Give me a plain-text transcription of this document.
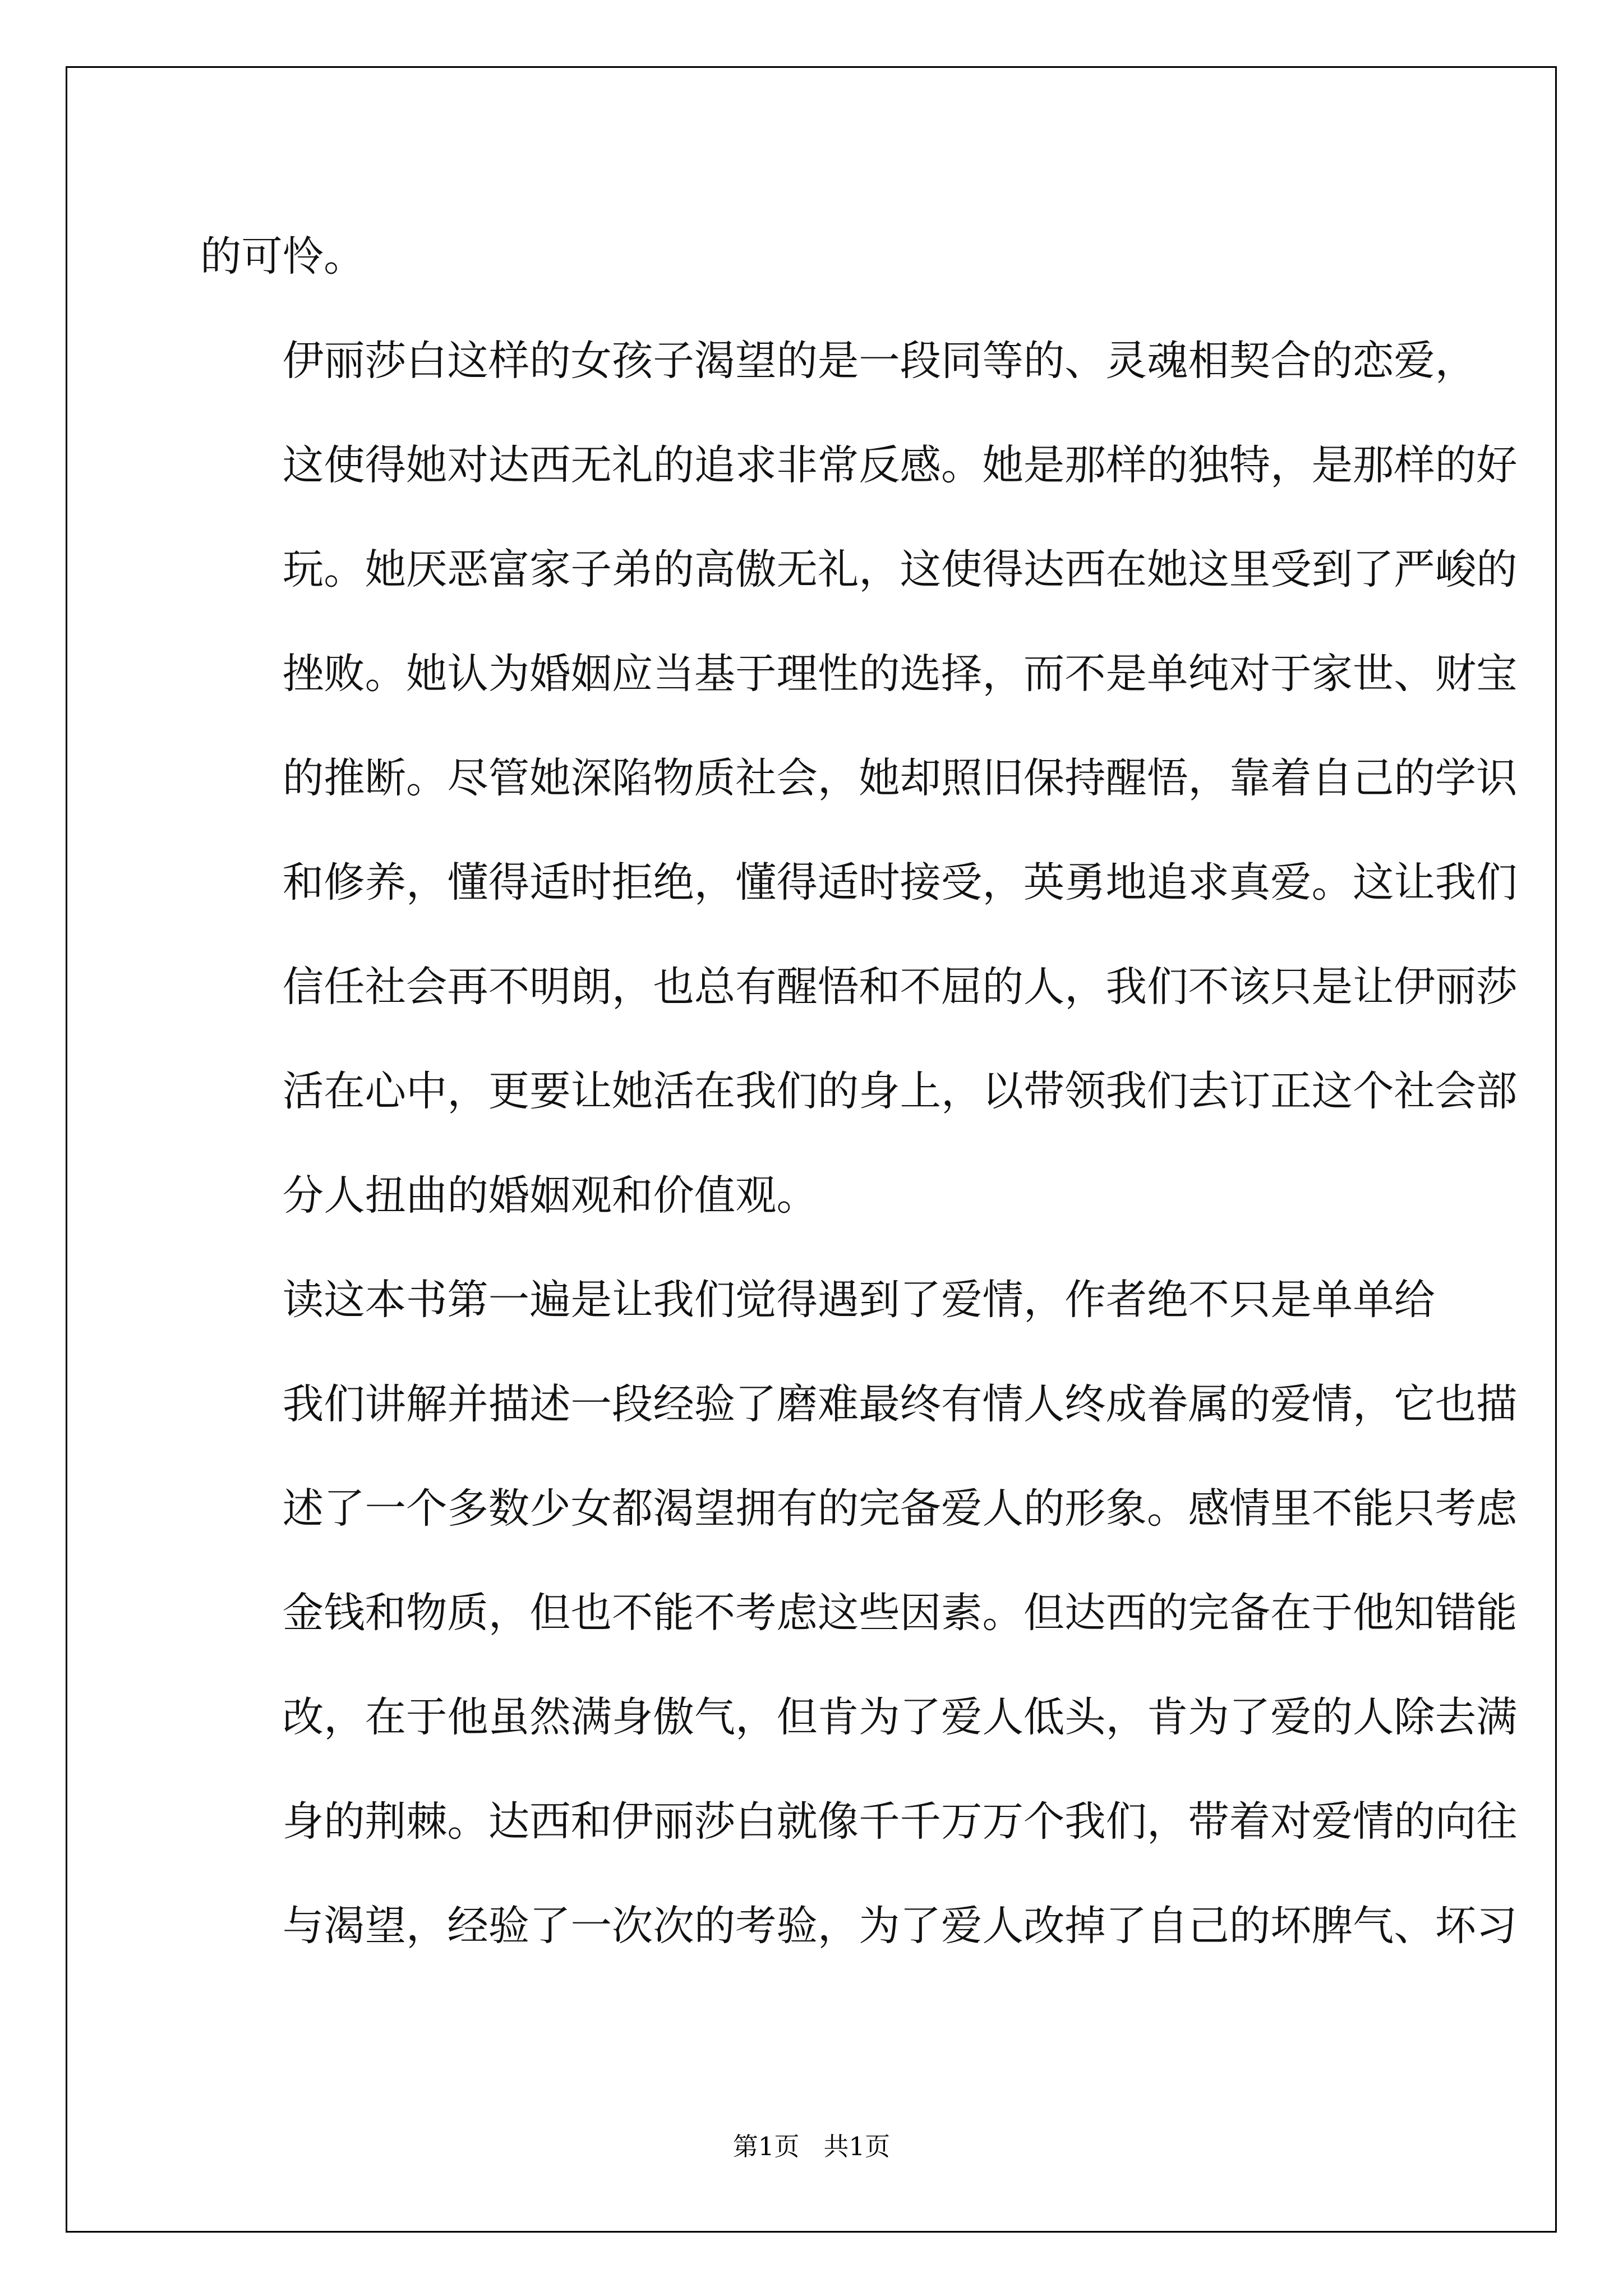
的可怜。

伊丽莎白这样的女孩子渴望的是一段同等的、灵魂相契合的恋爱，
这使得她对达西无礼的追求非常反感。她是那样的独特，是那样的好
玩。她厌恶富家子弟的高傲无礼，这使得达西在她这里受到了严峻的
挫败。她认为婚姻应当基于理性的选择，而不是单纯对于家世、财宝
的推断。尽管她深陷物质社会，她却照旧保持醒悟，靠着自己的学识
和修养，懂得适时拒绝，懂得适时接受，英勇地追求真爱。这让我们
信任社会再不明朗，也总有醒悟和不屈的人，我们不该只是让伊丽莎
活在心中，更要让她活在我们的身上，以带领我们去订正这个社会部
分人扭曲的婚姻观和价值观。

读这本书第一遍是让我们觉得遇到了爱情，作者绝不只是单单给
我们讲解并描述一段经验了磨难最终有情人终成眷属的爱情，它也描
述了一个多数少女都渴望拥有的完备爱人的形象。感情里不能只考虑
金钱和物质，但也不能不考虑这些因素。但达西的完备在于他知错能
改，在于他虽然满身傲气，但肯为了爱人低头，肯为了爱的人除去满
身的荆棘。达西和伊丽莎白就像千千万万个我们，带着对爱情的向往
与渴望，经验了一次次的考验，为了爱人改掉了自己的坏脾气、坏习

第1页 共1页
